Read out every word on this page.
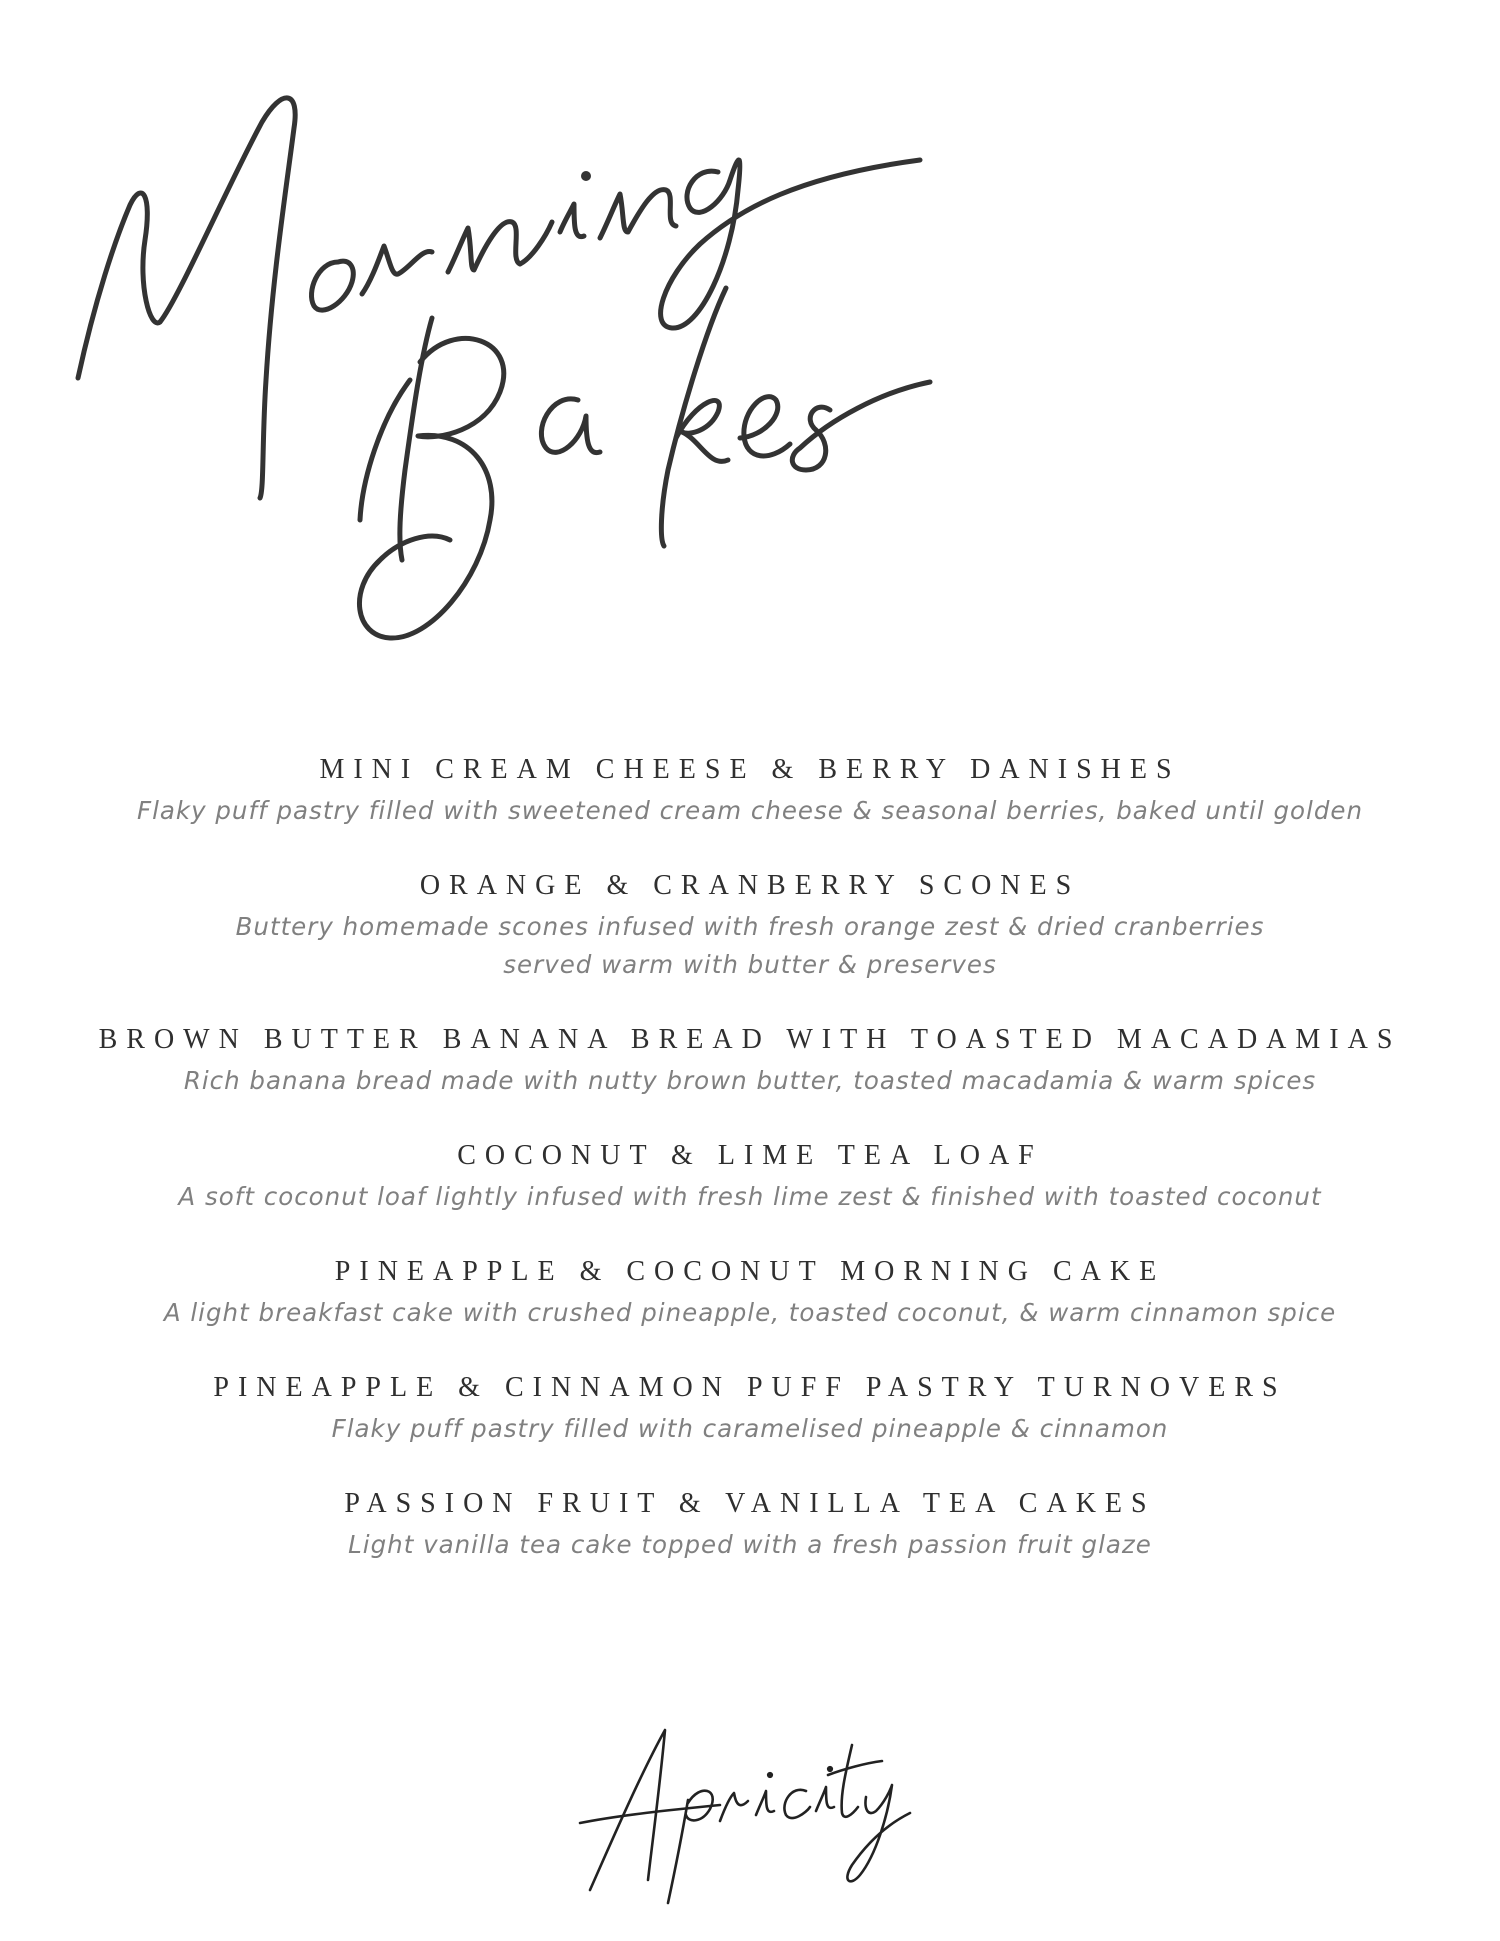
MINI CREAM CHEESE & BERRY DANISHES
Flaky puff pastry filled with sweetened cream cheese & seasonal berries, baked until golden
ORANGE & CRANBERRY SCONES
Buttery homemade scones infused with fresh orange zest & dried cranberries
served warm with butter & preserves
BROWN BUTTER BANANA BREAD WITH TOASTED MACADAMIAS
Rich banana bread made with nutty brown butter, toasted macadamia & warm spices
COCONUT & LIME TEA LOAF
A soft coconut loaf lightly infused with fresh lime zest & finished with toasted coconut
PINEAPPLE & COCONUT MORNING CAKE
A light breakfast cake with crushed pineapple, toasted coconut, & warm cinnamon spice
PINEAPPLE & CINNAMON PUFF PASTRY TURNOVERS
Flaky puff pastry filled with caramelised pineapple & cinnamon
PASSION FRUIT & VANILLA TEA CAKES
Light vanilla tea cake topped with a fresh passion fruit glaze
